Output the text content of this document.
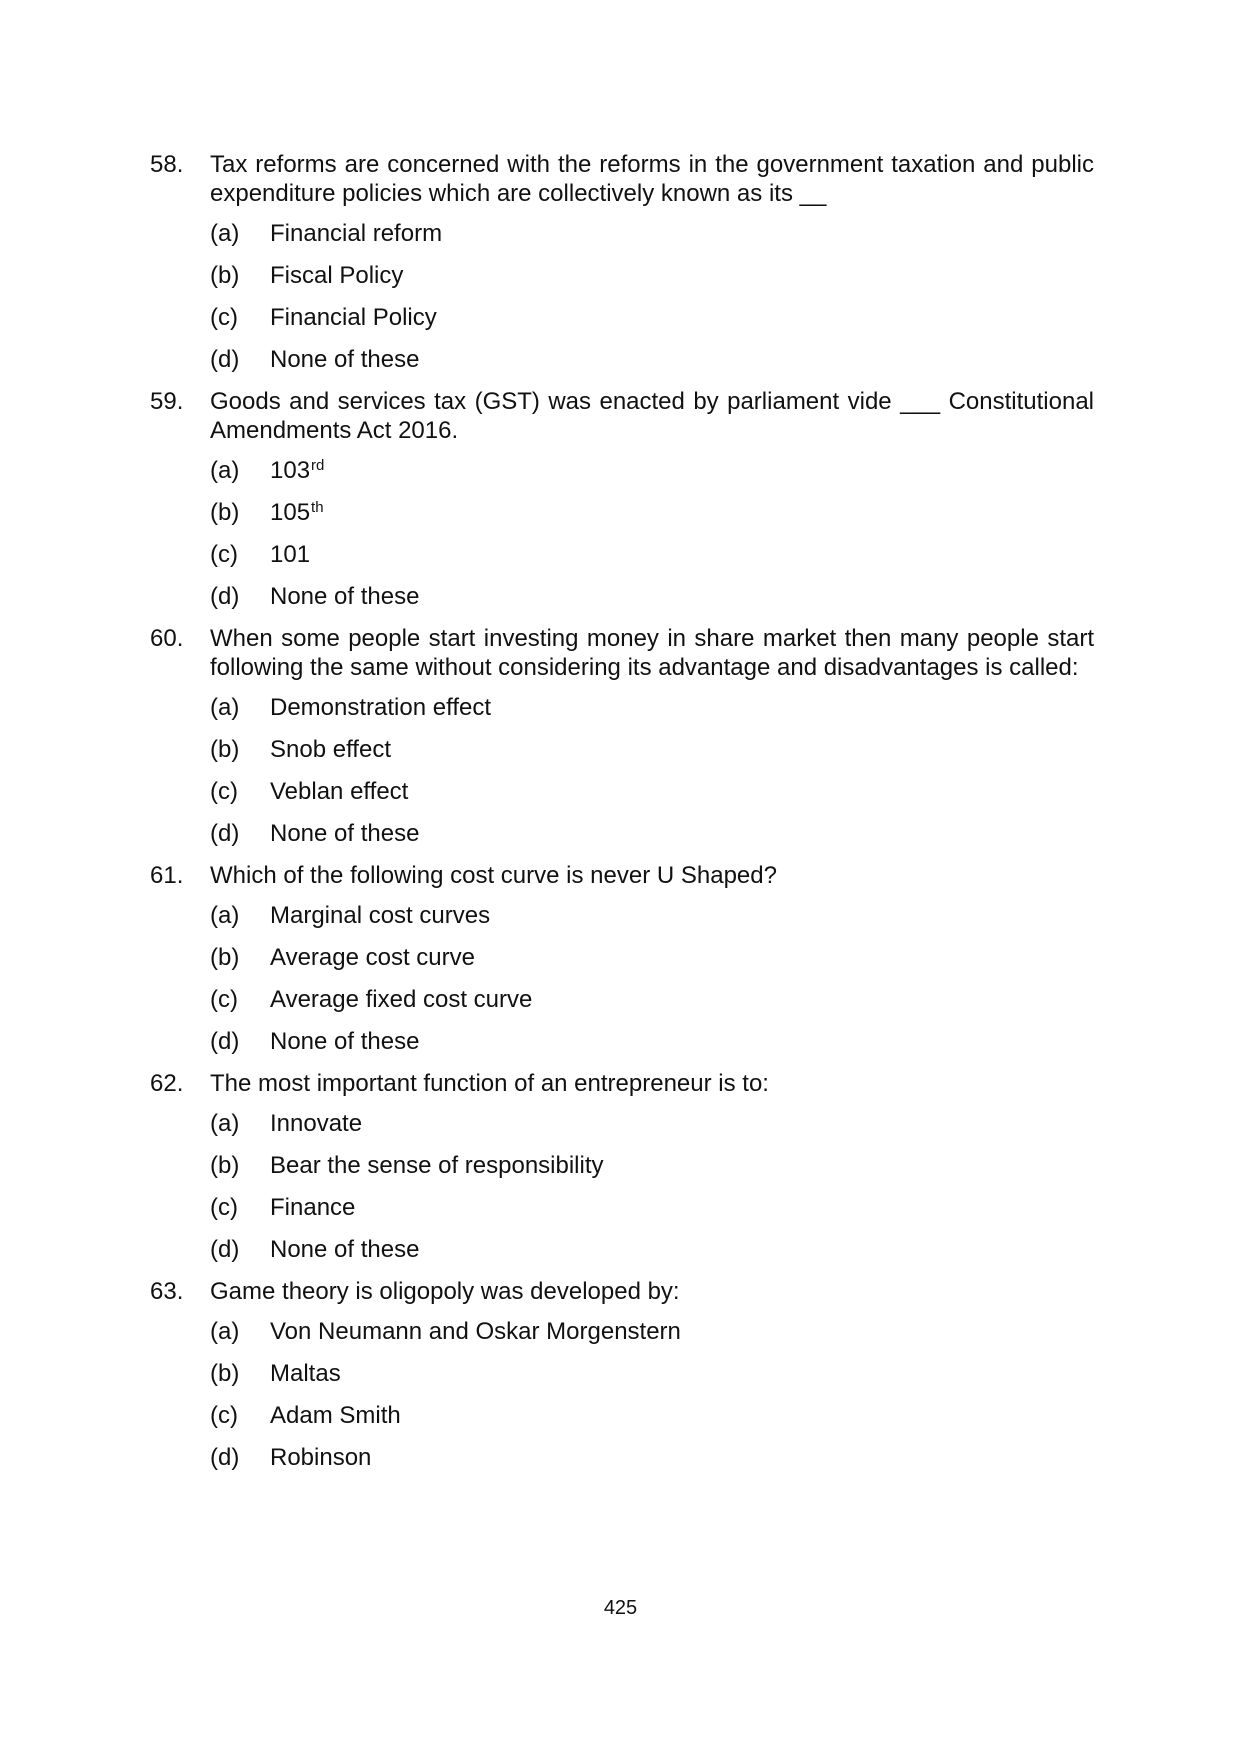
58.	Tax reforms are concerned with the reforms in the government taxation and public expenditure policies which are collectively known as its __
(a) Financial reform
(b) Fiscal Policy
(c) Financial Policy
(d) None of these
59.	Goods and services tax (GST) was enacted by parliament vide ___ Constitutional Amendments Act 2016.
(a) 103rd
(b) 105th
(c) 101
(d) None of these
60.	When some people start investing money in share market then many people start following the same without considering its advantage and disadvantages is called:
(a) Demonstration effect
(b) Snob effect
(c) Veblan effect
(d) None of these
61.	Which of the following cost curve is never U Shaped?
(a) Marginal cost curves
(b) Average cost curve
(c) Average fixed cost curve
(d) None of these
62.	The most important function of an entrepreneur is to:
(a) Innovate
(b) Bear the sense of responsibility
(c) Finance
(d) None of these
63.	Game theory is oligopoly was developed by:
(a) Von Neumann and Oskar Morgenstern
(b) Maltas
(c) Adam Smith
(d) Robinson
425
